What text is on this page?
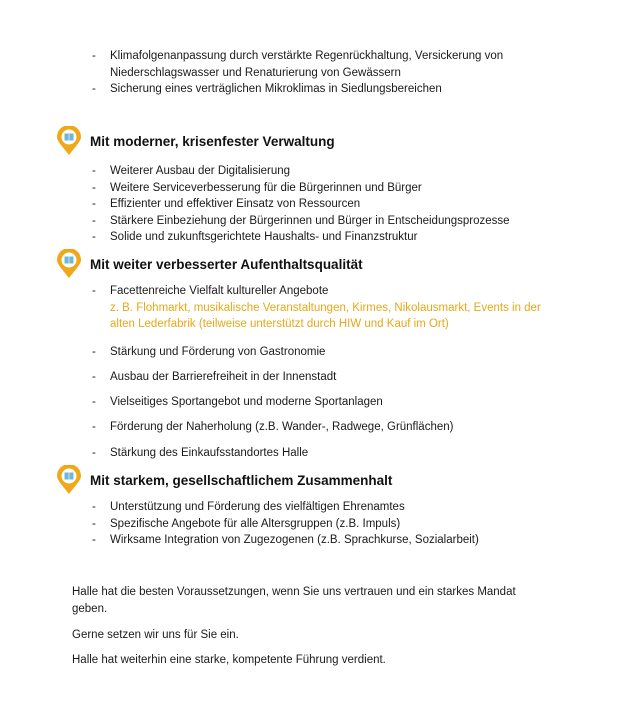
- Klimafolgenanpassung durch verstärkte Regenrückhaltung, Versickerung von Niederschlagswasser und Renaturierung von Gewässern
- Sicherung eines verträglichen Mikroklimas in Siedlungsbereichen
Mit moderner, krisenfester Verwaltung
- Weiterer Ausbau der Digitalisierung
- Weitere Serviceverbesserung für die Bürgerinnen und Bürger
- Effizienter und effektiver Einsatz von Ressourcen
- Stärkere Einbeziehung der Bürgerinnen und Bürger in Entscheidungsprozesse
- Solide und zukunftsgerichtete Haushalts- und Finanzstruktur
Mit weiter verbesserter Aufenthaltsqualität
- Facettenreiche Vielfalt kultureller Angebote
z. B. Flohmarkt, musikalische Veranstaltungen, Kirmes, Nikolausmarkt, Events in der alten Lederfabrik (teilweise unterstützt durch HIW und Kauf im Ort)
- Stärkung und Förderung von Gastronomie
- Ausbau der Barrierefreiheit in der Innenstadt
- Vielseitiges Sportangebot und moderne Sportanlagen
- Förderung der Naherholung (z.B. Wander-, Radwege, Grünflächen)
- Stärkung des Einkaufsstandortes Halle
Mit starkem, gesellschaftlichem Zusammenhalt
- Unterstützung und Förderung des vielfältigen Ehrenamtes
- Spezifische Angebote für alle Altersgruppen (z.B. Impuls)
- Wirksame Integration von Zugezogenen (z.B. Sprachkurse, Sozialarbeit)

Halle hat die besten Voraussetzungen, wenn Sie uns vertrauen und ein starkes Mandat geben.

Gerne setzen wir uns für Sie ein.

Halle hat weiterhin eine starke, kompetente Führung verdient.
